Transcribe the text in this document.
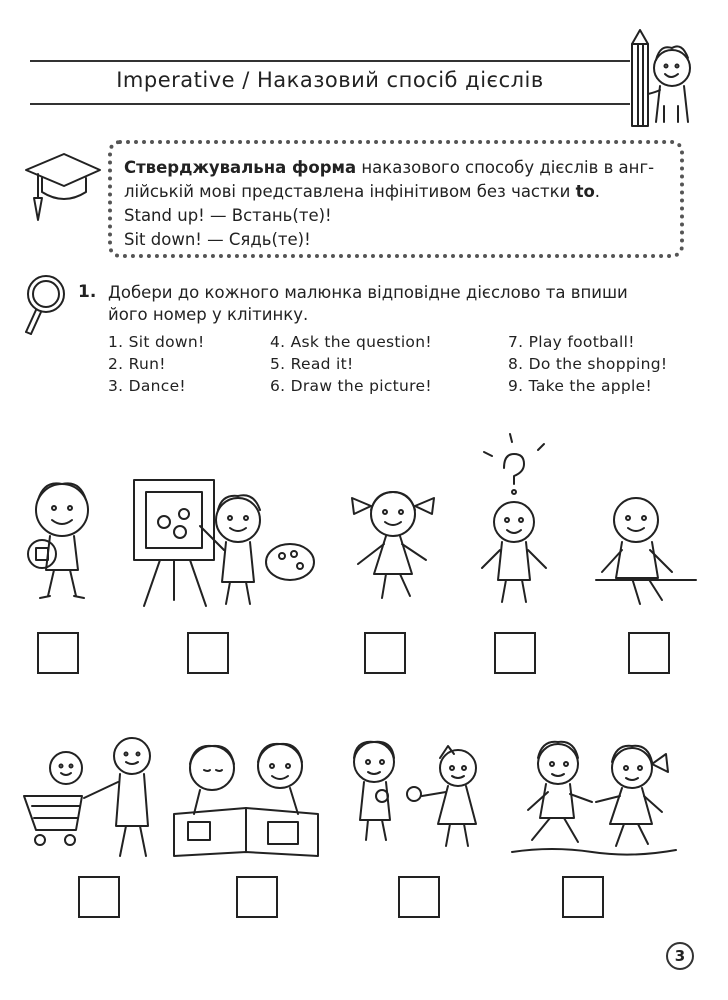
Imperative / Наказовий спосіб дієслів
Стверджувальна форма наказового способу дієслів в анг-
лійській мові представлена інфінітивом без частки to.
Stand up! — Встань(те)!
Sit down! — Сядь(те)!
1. Добери до кожного малюнка відповідне дієслово та впиши
його номер у клітинку.
1. Sit down!
2. Run!
3. Dance!
4. Ask the question!
5. Read it!
6. Draw the picture!
7. Play football!
8. Do the shopping!
9. Take the apple!
3
